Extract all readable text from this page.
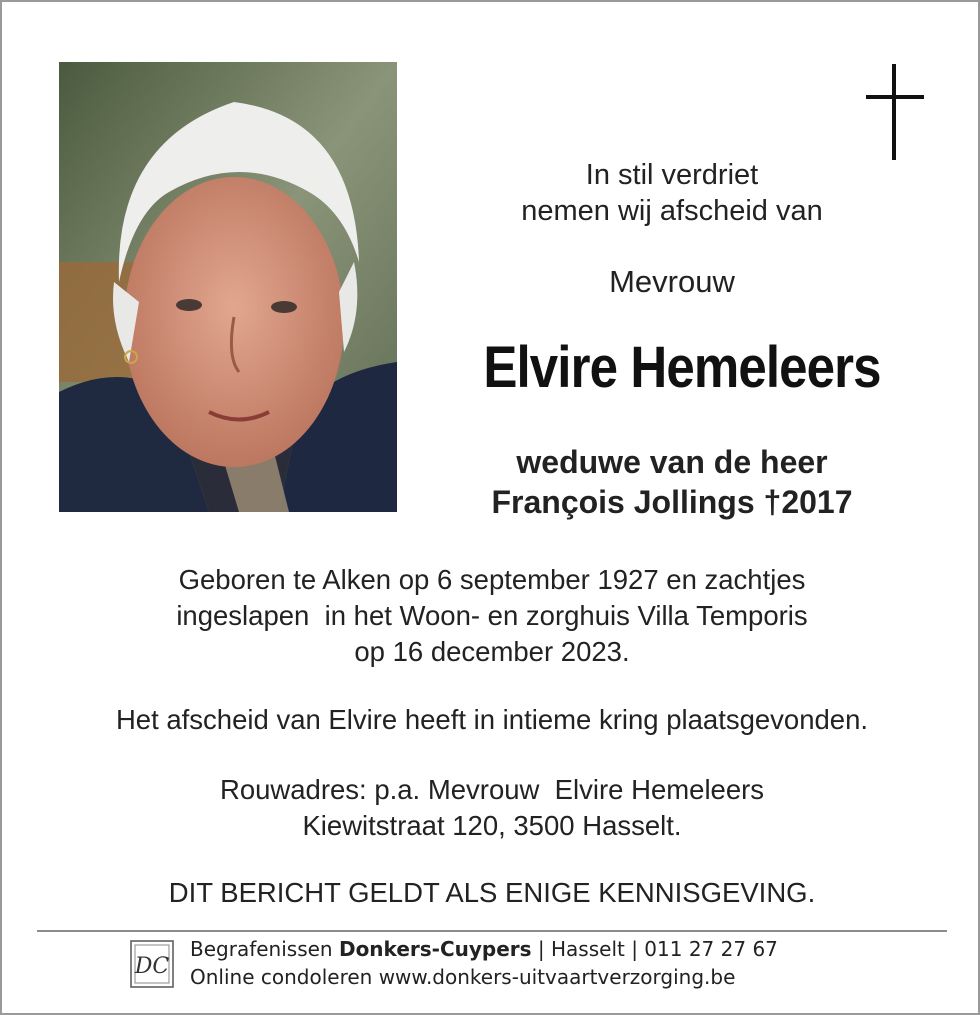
In stil verdriet
nemen wij afscheid van
Mevrouw
Elvire Hemeleers
weduwe van de heer
François Jollings †2017
Geboren te Alken op 6 september 1927 en zachtjes
ingeslapen  in het Woon- en zorghuis Villa Temporis
op 16 december 2023.
Het afscheid van Elvire heeft in intieme kring plaatsgevonden.
Rouwadres: p.a. Mevrouw  Elvire Hemeleers
Kiewitstraat 120, 3500 Hasselt.
DIT BERICHT GELDT ALS ENIGE KENNISGEVING.
DC
Begrafenissen Donkers-Cuypers | Hasselt | 011 27 27 67
Online condoleren www.donkers-uitvaartverzorging.be
